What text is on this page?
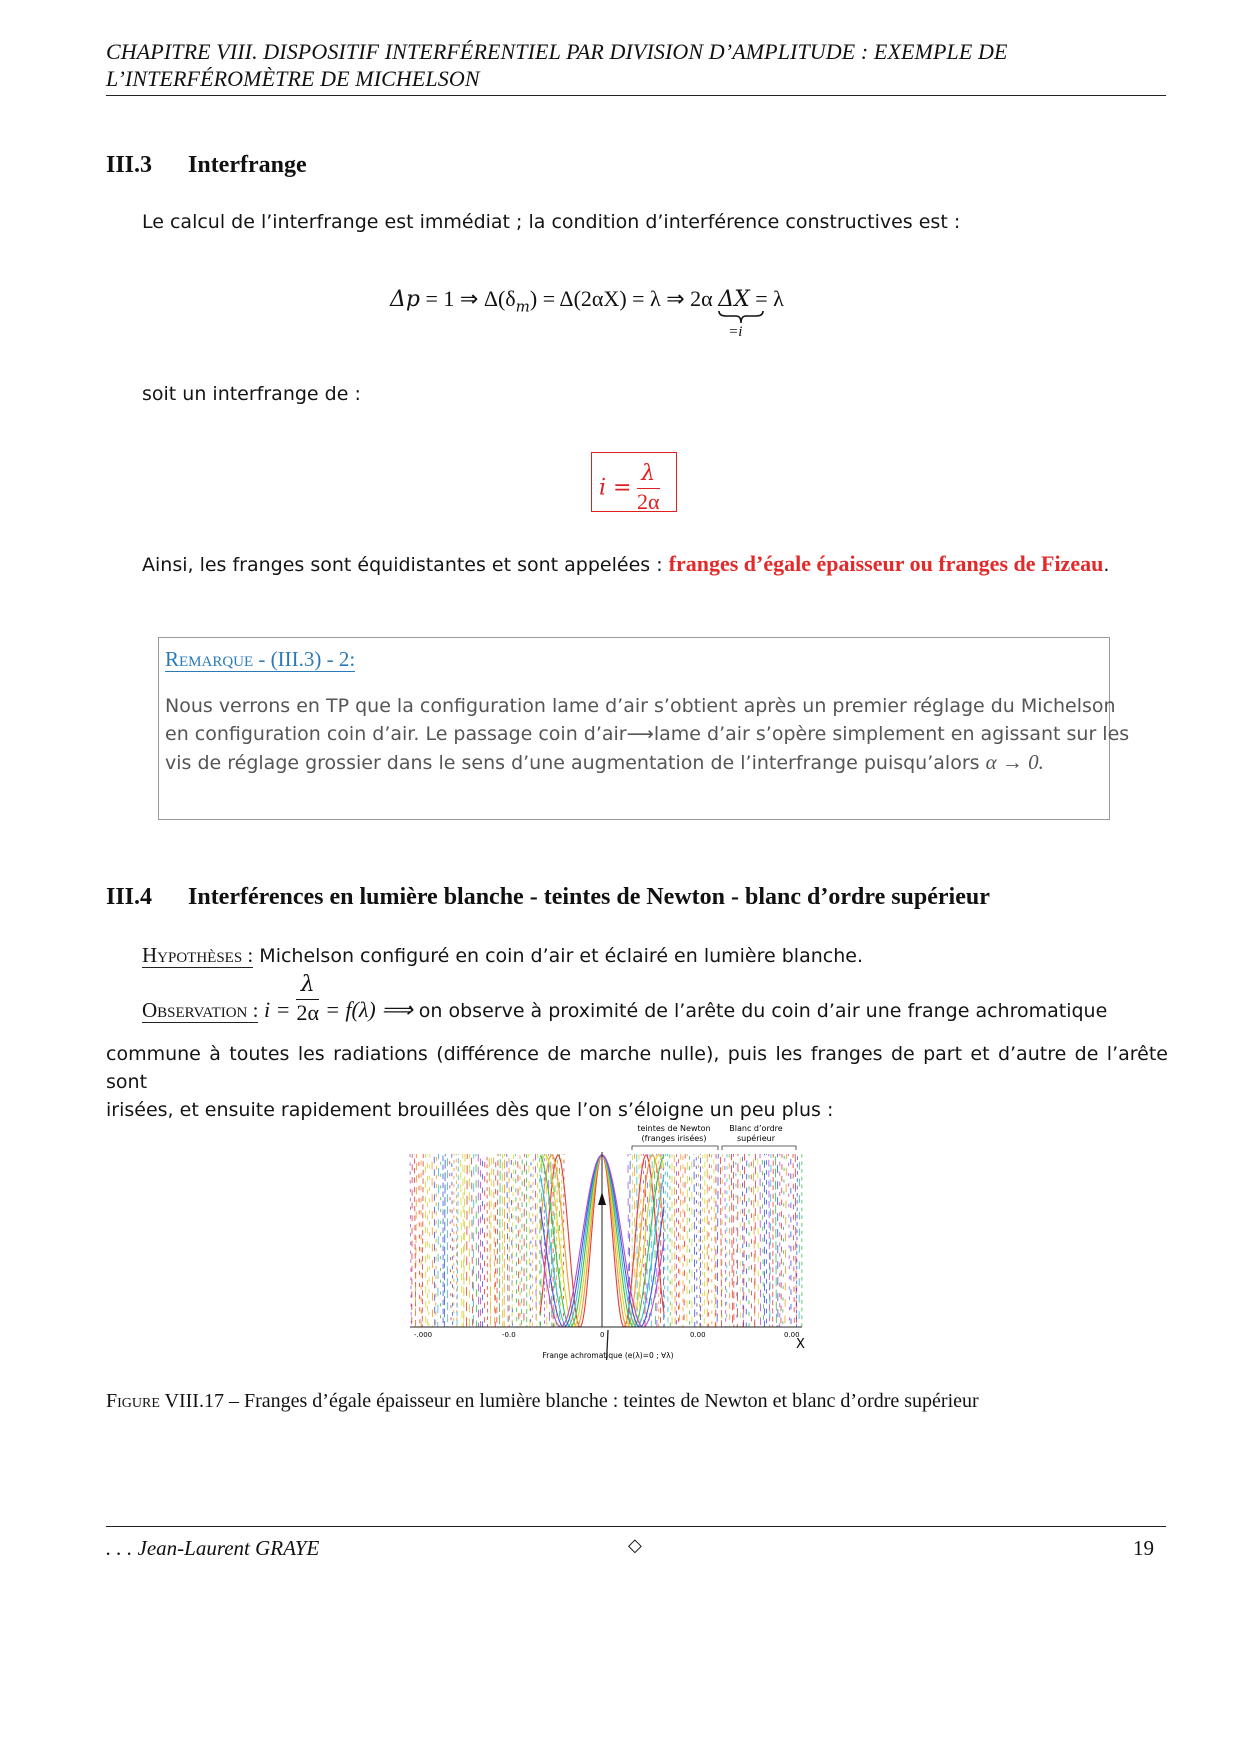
CHAPITRE VIII. DISPOSITIF INTERFÉRENTIEL PAR DIVISION D’AMPLITUDE : EXEMPLE DE
L’INTERFÉROMÈTRE DE MICHELSON
III.3 Interfrange
Le calcul de l’interfrange est immédiat ; la condition d’interférence constructives est :
Δp = 1 ⇒ $\Delta(\delta_m) = \Delta(2\alpha X) = \lambda$ ⇒ 2α ΔX
=i
= λ
soit un interfrange de :
$i = \frac{\lambda}{2\alpha}$
Ainsi, les franges sont équidistantes et sont appelées : franges d’égale épaisseur ou franges de Fizeau.
Remarque - (III.3) - 2:
Nous verrons en TP que la configuration lame d’air s’obtient après un premier réglage du Michelson
en configuration coin d’air. Le passage coin d’air⟶lame d’air s’opère simplement en agissant sur les
vis de réglage grossier dans le sens d’une augmentation de l’interfrange puisqu’alors α → 0.
III.4 Interférences en lumière blanche - teintes de Newton - blanc d’ordre supérieur
Hypothèses : Michelson configuré en coin d’air et éclairé en lumière blanche.
Observation : $i = \frac{\lambda}{2\alpha} = f(\lambda)$ ⟹ on observe à proximité de l’arête du coin d’air une frange achromatique
commune à toutes les radiations (différence de marche nulle), puis les franges de part et d’autre de l’arête sont
irisées, et ensuite rapidement brouillées dès que l’on s’éloigne un peu plus :
teintes de Newton
(franges irisées)
Blanc d’ordre
supérieur
-.000	-0.0	0	0.00	0.00
X
Frange achromatique (e(λ)=0 ; ∀λ)
Figure VIII.17 – Franges d’égale épaisseur en lumière blanche : teintes de Newton et blanc d’ordre supérieur
. . . Jean-Laurent GRAYE	◇	19
